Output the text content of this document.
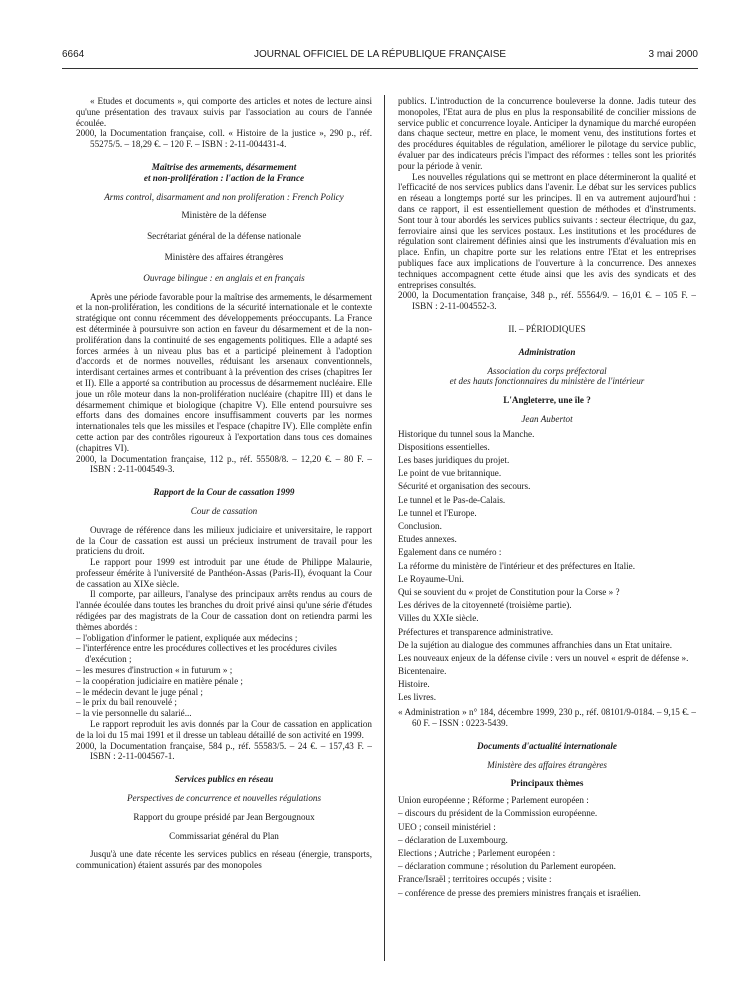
6664	JOURNAL OFFICIEL DE LA RÉPUBLIQUE FRANÇAISE	3 mai 2000

« Etudes et documents », qui comporte des articles et notes de lecture ainsi qu'une présentation des travaux suivis par l'association au cours de l'année écoulée.

2000, la Documentation française, coll. « Histoire de la justice », 290 p., réf. 55275/5. – 18,29 €. – 120 F. – ISBN : 2-11-004431-4.

Maîtrise des armements, désarmement

et non-prolifération : l'action de la France

Arms control, disarmament and non proliferation : French Policy

Ministère de la défense

Secrétariat général de la défense nationale

Ministère des affaires étrangères

Ouvrage bilingue : en anglais et en français

Après une période favorable pour la maîtrise des armements, le désarmement et la non-prolifération, les conditions de la sécurité internationale et le contexte stratégique ont connu récemment des développements préoccupants. La France est déterminée à poursuivre son action en faveur du désarmement et de la non-prolifération dans la continuité de ses engagements politiques. Elle a adapté ses forces armées à un niveau plus bas et a participé pleinement à l'adoption d'accords et de normes nouvelles, réduisant les arsenaux conventionnels, interdisant certaines armes et contribuant à la prévention des crises (chapitres Ier et II). Elle a apporté sa contribution au processus de désarmement nucléaire. Elle joue un rôle moteur dans la non-prolifération nucléaire (chapitre III) et dans le désarmement chimique et biologique (chapitre V). Elle entend poursuivre ses efforts dans des domaines encore insuffisamment couverts par les normes internationales tels que les missiles et l'espace (chapitre IV). Elle complète enfin cette action par des contrôles rigoureux à l'exportation dans tous ces domaines (chapitres VI).

2000, la Documentation française, 112 p., réf. 55508/8. – 12,20 €. – 80 F. – ISBN : 2-11-004549-3.

Rapport de la Cour de cassation 1999

Cour de cassation

Ouvrage de référence dans les milieux judiciaire et universitaire, le rapport de la Cour de cassation est aussi un précieux instrument de travail pour les praticiens du droit.

Le rapport pour 1999 est introduit par une étude de Philippe Malaurie, professeur émérite à l'université de Panthéon-Assas (Paris-II), évoquant la Cour de cassation au XIXe siècle.

Il comporte, par ailleurs, l'analyse des principaux arrêts rendus au cours de l'année écoulée dans toutes les branches du droit privé ainsi qu'une série d'études rédigées par des magistrats de la Cour de cassation dont on retiendra parmi les thèmes abordés :

– l'obligation d'informer le patient, expliquée aux médecins ;
– l'interférence entre les procédures collectives et les procédures civiles d'exécution ;
– les mesures d'instruction « in futurum » ;
– la coopération judiciaire en matière pénale ;
– le médecin devant le juge pénal ;
– le prix du bail renouvelé ;
– la vie personnelle du salarié...

Le rapport reproduit les avis donnés par la Cour de cassation en application de la loi du 15 mai 1991 et il dresse un tableau détaillé de son activité en 1999.

2000, la Documentation française, 584 p., réf. 55583/5. – 24 €. – 157,43 F. – ISBN : 2-11-004567-1.

Services publics en réseau

Perspectives de concurrence et nouvelles régulations

Rapport du groupe présidé par Jean Bergougnoux

Commissariat général du Plan

Jusqu'à une date récente les services publics en réseau (énergie, transports, communication) étaient assurés par des monopoles

publics. L'introduction de la concurrence bouleverse la donne. Jadis tuteur des monopoles, l'Etat aura de plus en plus la responsabilité de concilier missions de service public et concurrence loyale. Anticiper la dynamique du marché européen dans chaque secteur, mettre en place, le moment venu, des institutions fortes et des procédures équitables de régulation, améliorer le pilotage du service public, évaluer par des indicateurs précis l'impact des réformes : telles sont les priorités pour la période à venir.

Les nouvelles régulations qui se mettront en place détermineront la qualité et l'efficacité de nos services publics dans l'avenir. Le débat sur les services publics en réseau a longtemps porté sur les principes. Il en va autrement aujourd'hui : dans ce rapport, il est essentiellement question de méthodes et d'instruments. Sont tour à tour abordés les services publics suivants : secteur électrique, du gaz, ferroviaire ainsi que les services postaux. Les institutions et les procédures de régulation sont clairement définies ainsi que les instruments d'évaluation mis en place. Enfin, un chapitre porte sur les relations entre l'Etat et les entreprises publiques face aux implications de l'ouverture à la concurrence. Des annexes techniques accompagnent cette étude ainsi que les avis des syndicats et des entreprises consultés.

2000, la Documentation française, 348 p., réf. 55564/9. – 16,01 €. – 105 F. – ISBN : 2-11-004552-3.

II. – PÉRIODIQUES

Administration

Association du corps préfectoral

et des hauts fonctionnaires du ministère de l'intérieur

L'Angleterre, une île ?

Jean Aubertot

Historique du tunnel sous la Manche.
Dispositions essentielles.
Les bases juridiques du projet.
Le point de vue britannique.
Sécurité et organisation des secours.
Le tunnel et le Pas-de-Calais.
Le tunnel et l'Europe.
Conclusion.
Etudes annexes.
Egalement dans ce numéro :
La réforme du ministère de l'intérieur et des préfectures en Italie.
Le Royaume-Uni.
Qui se souvient du « projet de Constitution pour la Corse » ?
Les dérives de la citoyenneté (troisième partie).
Villes du XXIe siècle.
Préfectures et transparence administrative.
De la sujétion au dialogue des communes affranchies dans un Etat unitaire.
Les nouveaux enjeux de la défense civile : vers un nouvel « esprit de défense ».
Bicentenaire.
Histoire.
Les livres.

« Administration » n° 184, décembre 1999, 230 p., réf. 08101/9-0184. – 9,15 €. – 60 F. – ISSN : 0223-5439.

Documents d'actualité internationale

Ministère des affaires étrangères

Principaux thèmes

Union européenne ; Réforme ; Parlement européen :
– discours du président de la Commission européenne.
UEO ; conseil ministériel :
– déclaration de Luxembourg.
Elections ; Autriche ; Parlement européen :
– déclaration commune ; résolution du Parlement européen.
France/Israël ; territoires occupés ; visite :
– conférence de presse des premiers ministres français et israélien.
